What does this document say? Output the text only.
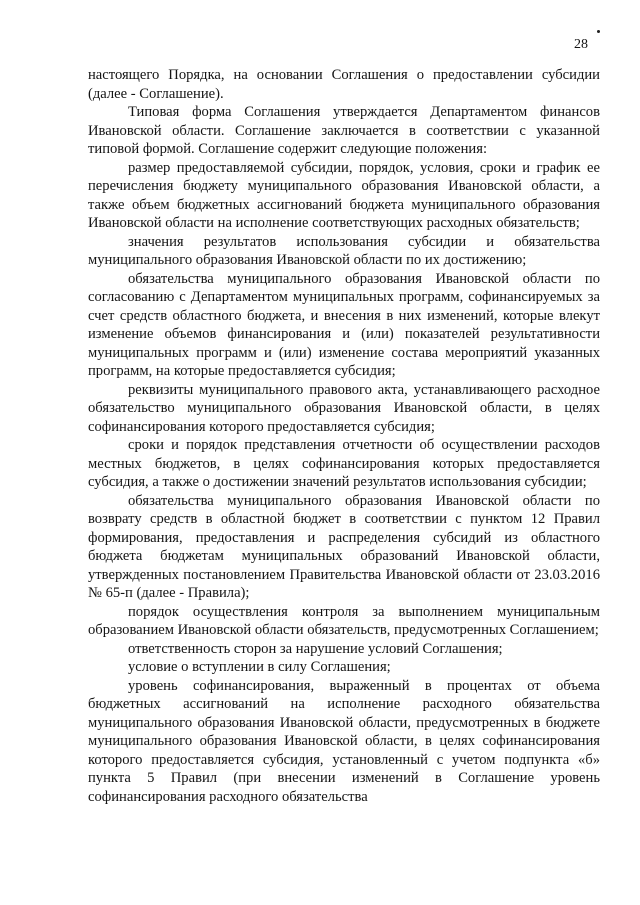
28

настоящего Порядка, на основании Соглашения о предоставлении субсидии (далее - Соглашение).

Типовая форма Соглашения утверждается Департаментом финансов Ивановской области. Соглашение заключается в соответствии с указанной типовой формой. Соглашение содержит следующие положения:

размер предоставляемой субсидии, порядок, условия, сроки и график ее перечисления бюджету муниципального образования Ивановской области, а также объем бюджетных ассигнований бюджета муниципального образования Ивановской области на исполнение соответствующих расходных обязательств;

значения результатов использования субсидии и обязательства муниципального образования Ивановской области по их достижению;

обязательства муниципального образования Ивановской области по согласованию с Департаментом муниципальных программ, софинансируемых за счет средств областного бюджета, и внесения в них изменений, которые влекут изменение объемов финансирования и (или) показателей результативности муниципальных программ и (или) изменение состава мероприятий указанных программ, на которые предоставляется субсидия;

реквизиты муниципального правового акта, устанавливающего расходное обязательство муниципального образования Ивановской области, в целях софинансирования которого предоставляется субсидия;

сроки и порядок представления отчетности об осуществлении расходов местных бюджетов, в целях софинансирования которых предоставляется субсидия, а также о достижении значений результатов использования субсидии;

обязательства муниципального образования Ивановской области по возврату средств в областной бюджет в соответствии с пунктом 12 Правил формирования, предоставления и распределения субсидий из областного бюджета бюджетам муниципальных образований Ивановской области, утвержденных постановлением Правительства Ивановской области от 23.03.2016 № 65-п (далее - Правила);

порядок осуществления контроля за выполнением муниципальным образованием Ивановской области обязательств, предусмотренных Соглашением;

ответственность сторон за нарушение условий Соглашения;

условие о вступлении в силу Соглашения;

уровень софинансирования, выраженный в процентах от объема бюджетных ассигнований на исполнение расходного обязательства муниципального образования Ивановской области, предусмотренных в бюджете муниципального образования Ивановской области, в целях софинансирования которого предоставляется субсидия, установленный с учетом подпункта «б» пункта 5 Правил (при внесении изменений в Соглашение уровень софинансирования расходного обязательства
